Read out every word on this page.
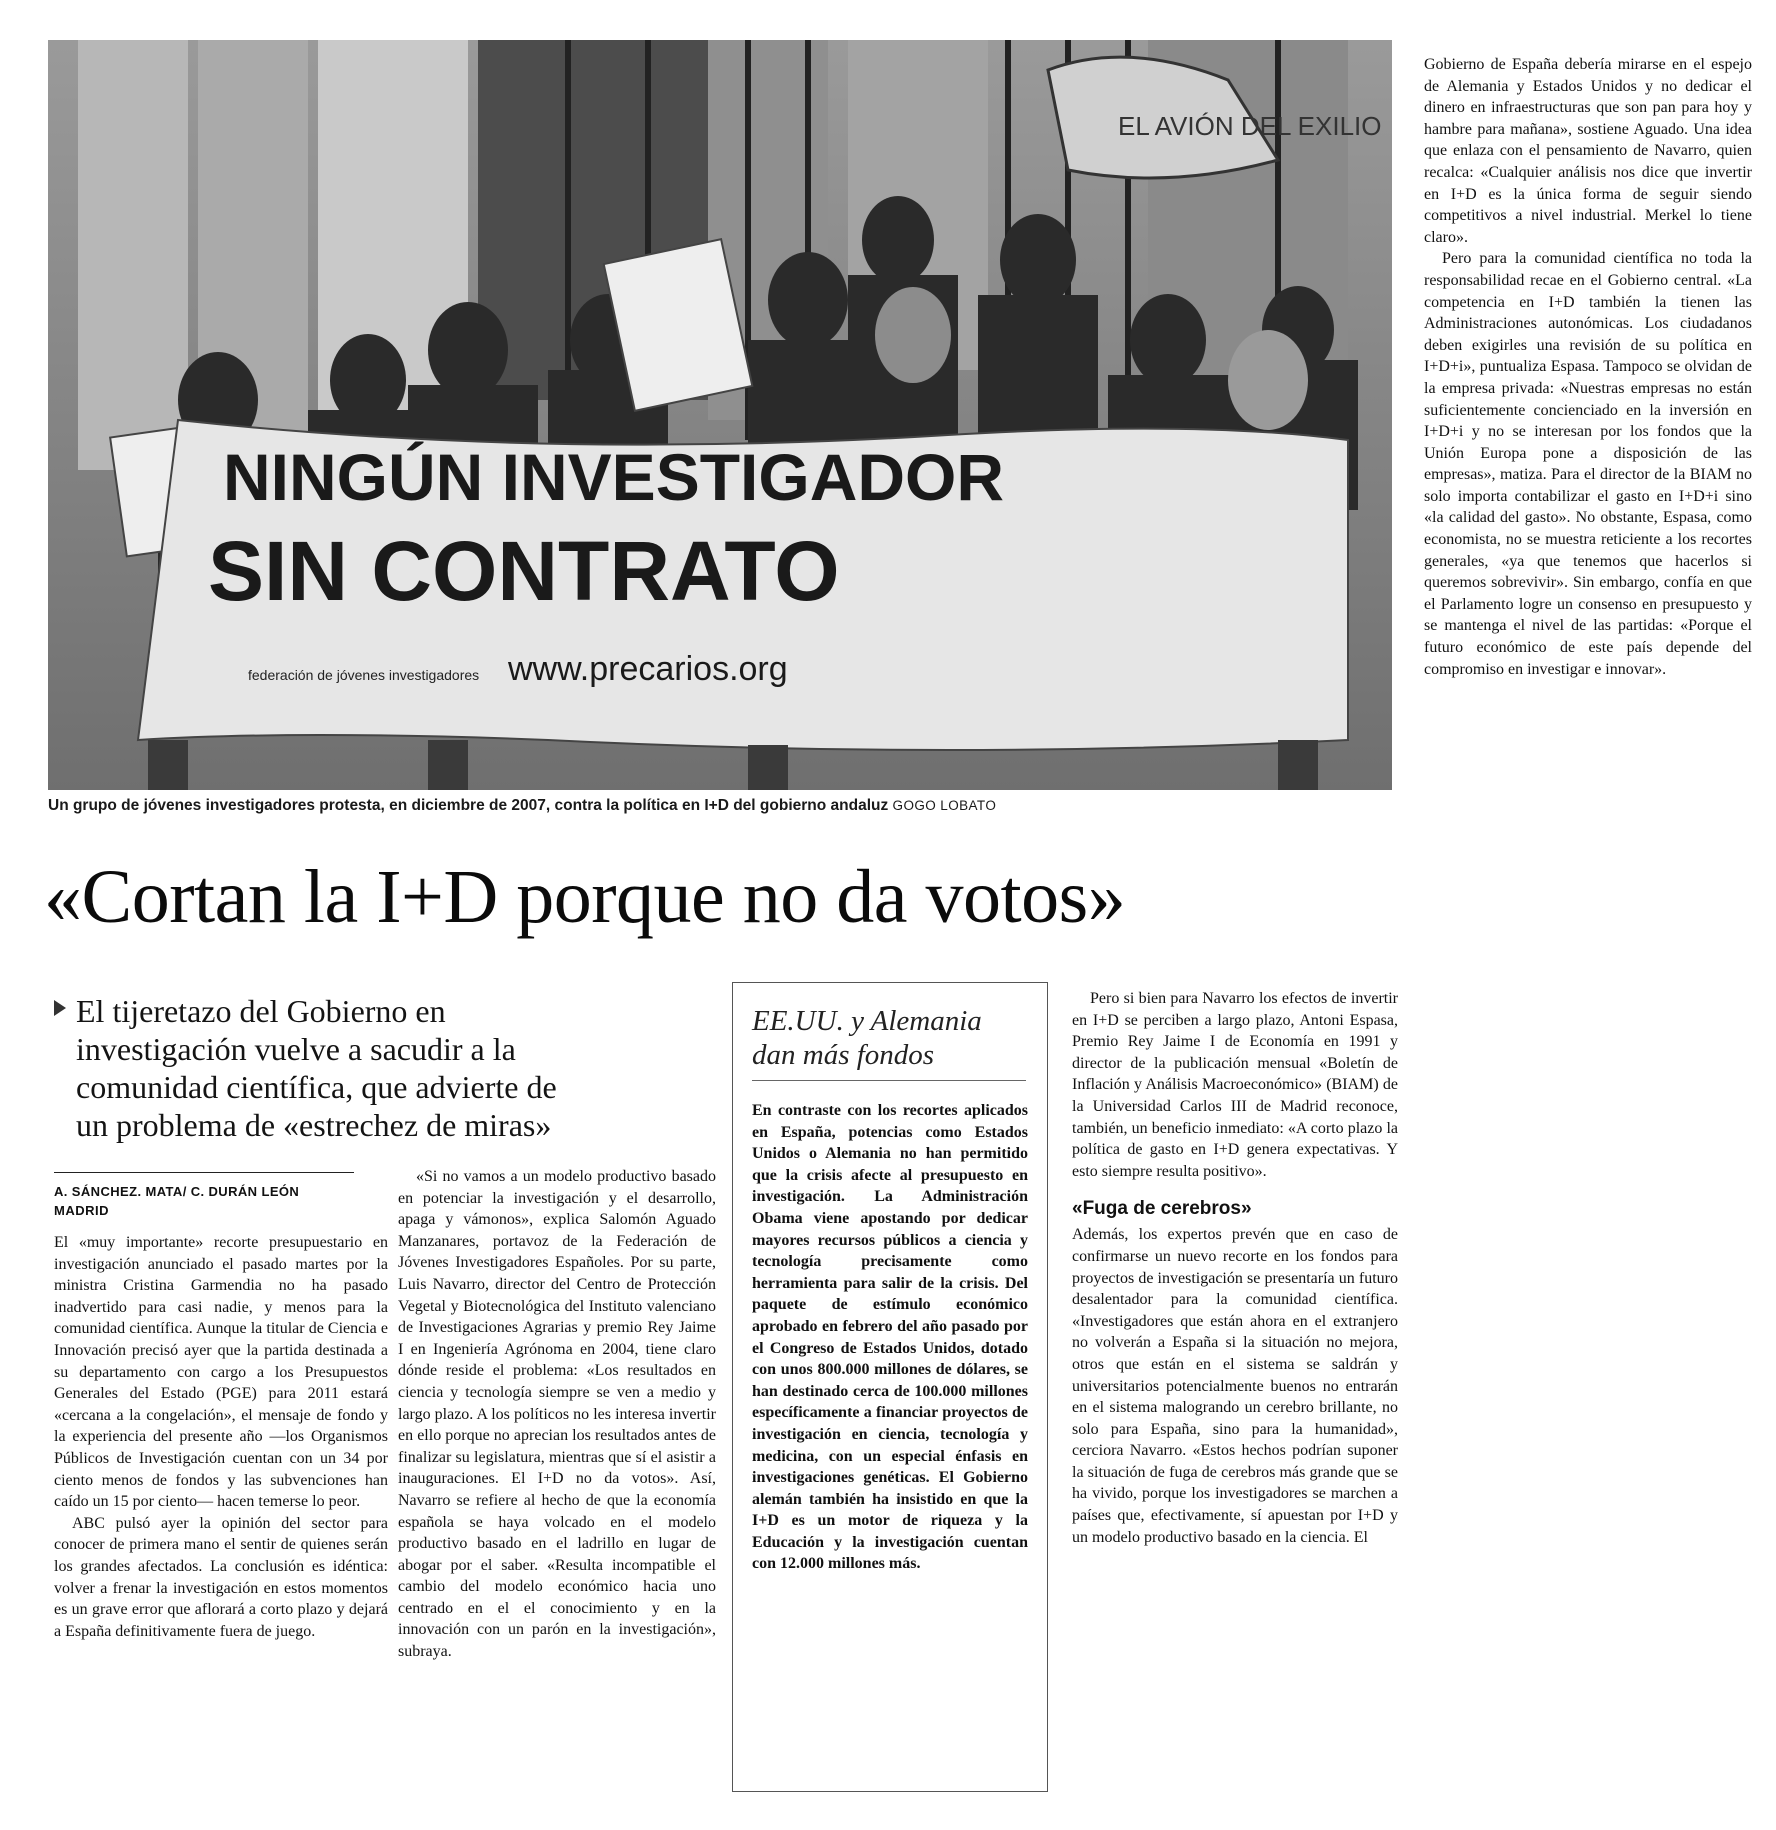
EL AVIÓN DEL EXILIO
NINGÚN INVESTIGADOR
SIN CONTRATO
www.precarios.org
federación de jóvenes investigadores
Un grupo de jóvenes investigadores protesta, en diciembre de 2007, contra la política en I+D del gobierno andaluz GOGO LOBATO
«Cortan la I+D porque no da votos»
El tijeretazo del Gobierno en
investigación vuelve a sacudir a la
comunidad científica, que advierte de
un problema de «estrechez de miras»
A. SÁNCHEZ. MATA/ C. DURÁN LEÓN
MADRID

El «muy importante» recorte presupuestario en investigación anunciado el pasado martes por la ministra Cristina Garmendia no ha pasado inadvertido para casi nadie, y menos para la comunidad científica. Aunque la titular de Ciencia e Innovación precisó ayer que la partida destinada a su departamento con cargo a los Presupuestos Generales del Estado (PGE) para 2011 estará «cercana a la congelación», el mensaje de fondo y la experiencia del presente año —los Organismos Públicos de Investigación cuentan con un 34 por ciento menos de fondos y las subvenciones han caído un 15 por ciento— hacen temerse lo peor.

ABC pulsó ayer la opinión del sector para conocer de primera mano el sentir de quienes serán los grandes afectados. La conclusión es idéntica: volver a frenar la investigación en estos momentos es un grave error que aflorará a corto plazo y dejará a España definitivamente fuera de juego.

«Si no vamos a un modelo productivo basado en potenciar la investigación y el desarrollo, apaga y vámonos», explica Salomón Aguado Manzanares, portavoz de la Federación de Jóvenes Investigadores Españoles. Por su parte, Luis Navarro, director del Centro de Protección Vegetal y Biotecnológica del Instituto valenciano de Investigaciones Agrarias y premio Rey Jaime I en Ingeniería Agrónoma en 2004, tiene claro dónde reside el problema: «Los resultados en ciencia y tecnología siempre se ven a medio y largo plazo. A los políticos no les interesa invertir en ello porque no aprecian los resultados antes de finalizar su legislatura, mientras que sí el asistir a inauguraciones. El I+D no da votos». Así, Navarro se refiere al hecho de que la economía española se haya volcado en el modelo productivo basado en el ladrillo en lugar de abogar por el saber. «Resulta incompatible el cambio del modelo económico hacia uno centrado en el el conocimiento y en la innovación con un parón en la investigación», subraya.

EE.UU. y Alemania
dan más fondos

En contraste con los recortes aplicados en España, potencias como Estados Unidos o Alemania no han permitido que la crisis afecte al presupuesto en investigación. La Administración Obama viene apostando por dedicar mayores recursos públicos a ciencia y tecnología precisamente como herramienta para salir de la crisis. Del paquete de estímulo económico aprobado en febrero del año pasado por el Congreso de Estados Unidos, dotado con unos 800.000 millones de dólares, se han destinado cerca de 100.000 millones específicamente a financiar proyectos de investigación en ciencia, tecnología y medicina, con un especial énfasis en investigaciones genéticas. El Gobierno alemán también ha insistido en que la I+D es un motor de riqueza y la Educación y la investigación cuentan con 12.000 millones más.

Pero si bien para Navarro los efectos de invertir en I+D se perciben a largo plazo, Antoni Espasa, Premio Rey Jaime I de Economía en 1991 y director de la publicación mensual «Boletín de Inflación y Análisis Macroeconómico» (BIAM) de la Universidad Carlos III de Madrid reconoce, también, un beneficio inmediato: «A corto plazo la política de gasto en I+D genera expectativas. Y esto siempre resulta positivo».

«Fuga de cerebros»

Además, los expertos prevén que en caso de confirmarse un nuevo recorte en los fondos para proyectos de investigación se presentaría un futuro desalentador para la comunidad científica. «Investigadores que están ahora en el extranjero no volverán a España si la situación no mejora, otros que están en el sistema se saldrán y universitarios potencialmente buenos no entrarán en el sistema malogrando un cerebro brillante, no solo para España, sino para la humanidad», cerciora Navarro. «Estos hechos podrían suponer la situación de fuga de cerebros más grande que se ha vivido, porque los investigadores se marchen a países que, efectivamente, sí apuestan por I+D y un modelo productivo basado en la ciencia. El

Gobierno de España debería mirarse en el espejo de Alemania y Estados Unidos y no dedicar el dinero en infraestructuras que son pan para hoy y hambre para mañana», sostiene Aguado. Una idea que enlaza con el pensamiento de Navarro, quien recalca: «Cualquier análisis nos dice que invertir en I+D es la única forma de seguir siendo competitivos a nivel industrial. Merkel lo tiene claro».

Pero para la comunidad científica no toda la responsabilidad recae en el Gobierno central. «La competencia en I+D también la tienen las Administraciones autonómicas. Los ciudadanos deben exigirles una revisión de su política en I+D+i», puntualiza Espasa. Tampoco se olvidan de la empresa privada: «Nuestras empresas no están suficientemente concienciado en la inversión en I+D+i y no se interesan por los fondos que la Unión Europa pone a disposición de las empresas», matiza. Para el director de la BIAM no solo importa contabilizar el gasto en I+D+i sino «la calidad del gasto». No obstante, Espasa, como economista, no se muestra reticiente a los recortes generales, «ya que tenemos que hacerlos si queremos sobrevivir». Sin embargo, confía en que el Parlamento logre un consenso en presupuesto y se mantenga el nivel de las partidas: «Porque el futuro económico de este país depende del compromiso en investigar e innovar».
